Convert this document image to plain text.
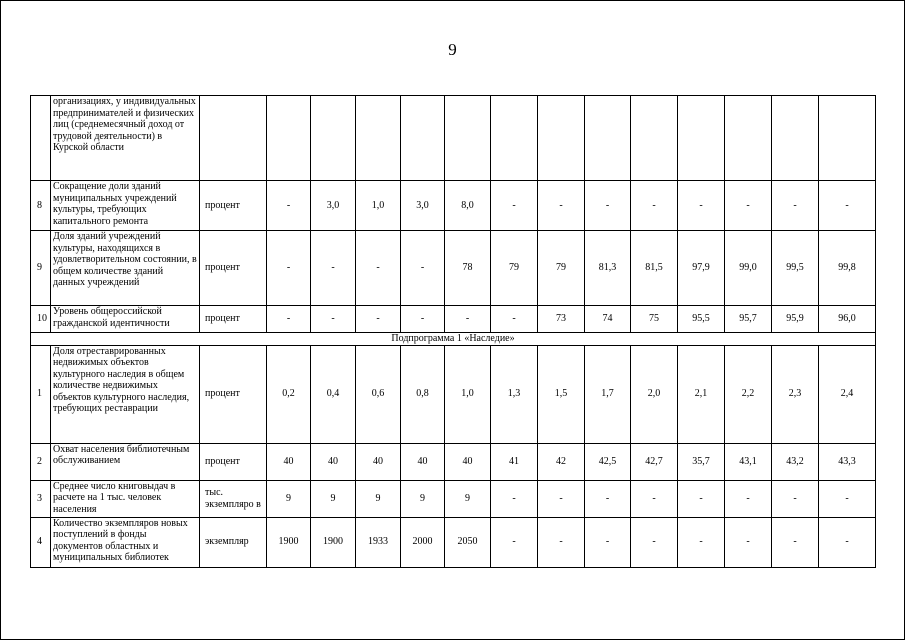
9
	организациях, у индивидуальных предпринимателей и физических лиц (среднемесячный доход от трудовой деятельности) в Курской области														
8	Сокращение доли зданий муниципальных учреждений культуры, требующих капитального ремонта	процент	-	3,0	1,0	3,0	8,0	-	-	-	-	-	-	-	-
9	Доля зданий учреждений культуры, находящихся в удовлетворительном состоянии, в общем количестве зданий данных учреждений	процент	-	-	-	-	78	79	79	81,3	81,5	97,9	99,0	99,5	99,8
10	Уровень общероссийской гражданской идентичности	процент	-	-	-	-	-	-	73	74	75	95,5	95,7	95,9	96,0
Подпрограмма 1 «Наследие»															
1	Доля отреставрированных недвижимых объектов культурного наследия в общем количестве недвижимых объектов культурного наследия, требующих реставрации	процент	0,2	0,4	0,6	0,8	1,0	1,3	1,5	1,7	2,0	2,1	2,2	2,3	2,4
2	Охват населения библиотечным обслуживанием	процент	40	40	40	40	40	41	42	42,5	42,7	35,7	43,1	43,2	43,3
3	Среднее число книговыдач в расчете на 1 тыс. человек населения	тыс. экземпляро в	9	9	9	9	9	-	-	-	-	-	-	-	-
4	Количество экземпляров новых поступлений в фонды документов областных и муниципальных библиотек	экземпляр	1900	1900	1933	2000	2050	-	-	-	-	-	-	-	-
